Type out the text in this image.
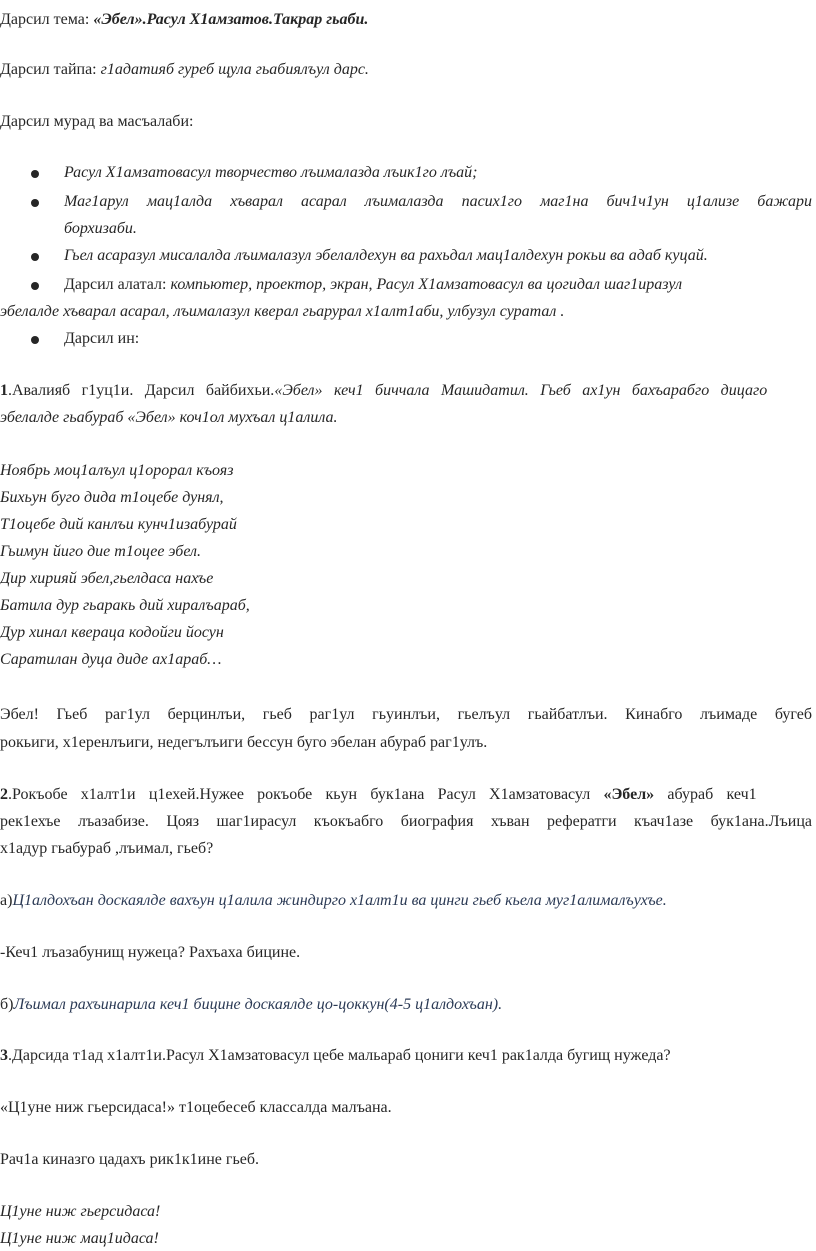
Дарсил тема: «Эбел».Расул Х1амзатов.Такрар гьаби.
Дарсил тайпа: г1адатияб гуреб щула гьабиялъул дарс.
Дарсил мурад ва масъалаби:
Расул Х1амзатовасул творчество лъималазда лъик1го лъай;
Маг1арул мац1алда хъварал асарал лъималазда пасих1го маг1на бич1ч1ун ц1ализе бажари
борхизаби.
Гьел асаразул мисалалда лъималазул эбелалдехун ва рахьдал мац1алдехун рокьи ва адаб куцай.
Дарсил алатал: компьютер, проектор, экран, Расул Х1амзатовасул ва цогидал шаг1иразул
эбелалде хъварал асарал, лъималазул кверал гьарурал х1алт1аби, улбузул суратал .
Дарсил ин:
1.Авалияб г1уц1и. Дарсил байбихьи.«Эбел» кеч1 биччала Машидатил. Гьеб ах1ун бахъарабго дицаго
эбелалде гьабураб «Эбел» коч1ол мухъал ц1алила.
Ноябрь моц1алъул ц1орорал къояз
Бихьун буго дида т1оцебе дунял,
Т1оцебе дий канлъи кунч1изабурай
Гьимун йиго дие т1оцее эбел.
Дир хирияй эбел,гьелдаса нахъе
Батила дур гьаракь дий хиралъараб,
Дур хинал квераца кодойги йосун
Саратилан дуца диде ах1араб…
Эбел! Гьеб раг1ул берцинлъи, гьеб раг1ул гьуинлъи, гьелъул гьайбатлъи. Кинабго лъимаде бугеб
рокьиги, х1еренлъиги, недегълъиги бессун буго эбелан абураб раг1улъ.
2.Рокъобе х1алт1и ц1ехей.Нужее рокъобе кьун бук1ана Расул Х1амзатовасул «Эбел» абураб кеч1
рек1ехъе лъазабизе. Цояз шаг1ирасул къокъабго биография хъван рефератги къач1азе бук1ана.Лъица
х1адур гьабураб ,лъимал, гьеб?
а)Ц1алдохъан доскаялде вахъун ц1алила жиндирго х1алт1и ва цинги гьеб кьела муг1алималъухъе.
-Кеч1 лъазабунищ нужеца? Рахъаха бицине.
б)Лъимал рахъинарила кеч1 бицине доскаялде цо-цоккун(4-5 ц1алдохъан).
3.Дарсида т1ад х1алт1и.Расул Х1амзатовасул цебе мальараб цониги кеч1 рак1алда бугищ нужеда?
«Ц1уне ниж гьерсидаса!» т1оцебесеб классалда малъана.
Рач1а киназго цадахъ рик1к1ине гьеб.
Ц1уне ниж гьерсидаса!
Ц1уне ниж мац1идаса!
